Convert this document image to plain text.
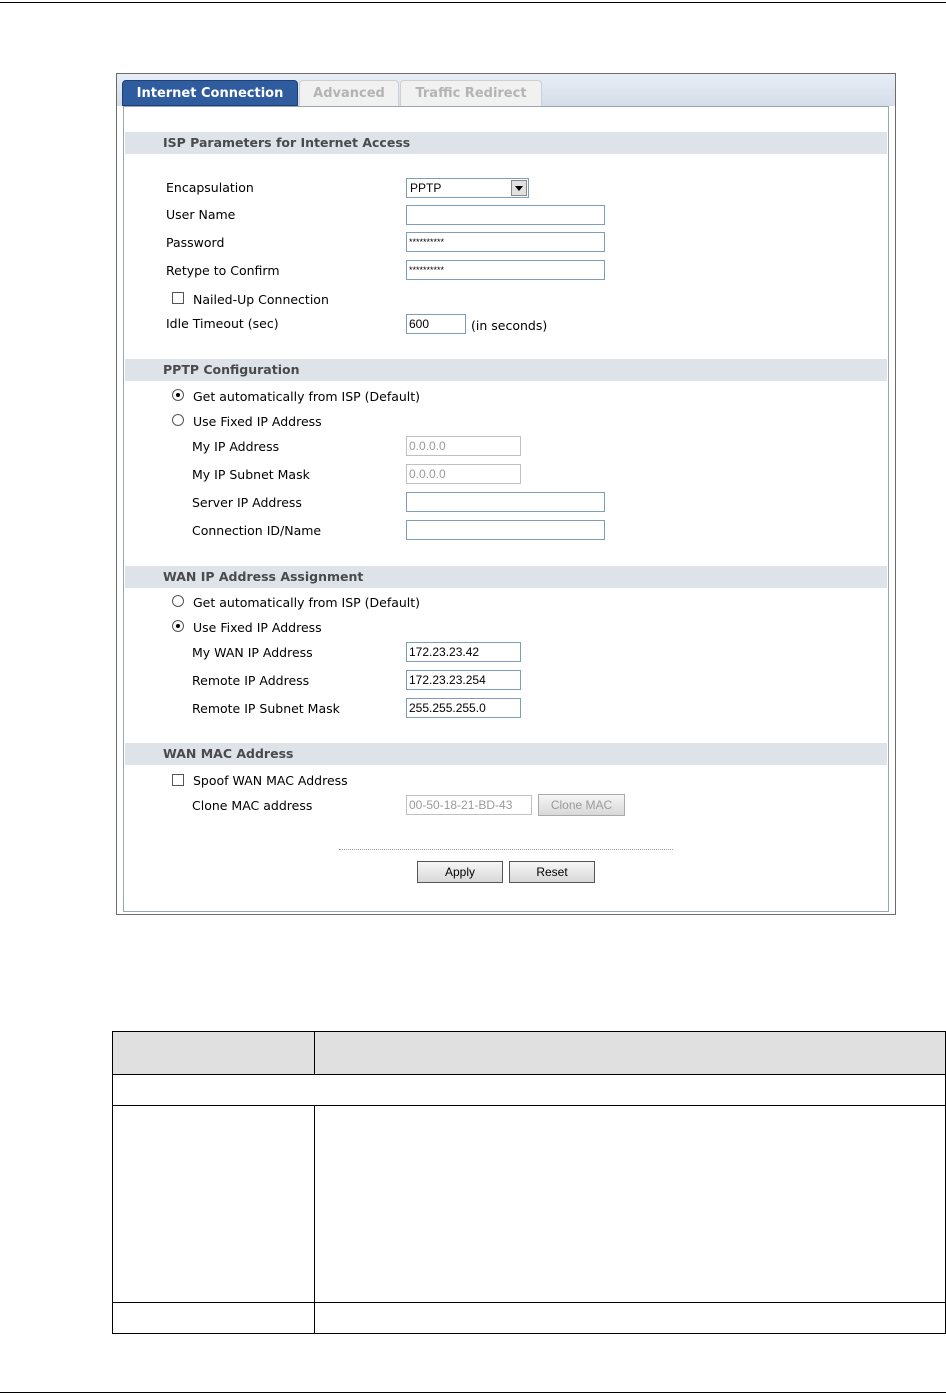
Internet Connection	Advanced	Traffic Redirect
ISP Parameters for Internet Access
Encapsulation	PPTP
User Name
Password	**********
Retype to Confirm	**********
Nailed-Up Connection
Idle Timeout (sec)	600	(in seconds)
PPTP Configuration
Get automatically from ISP (Default)
Use Fixed IP Address
My IP Address	0.0.0.0
My IP Subnet Mask	0.0.0.0
Server IP Address
Connection ID/Name
WAN IP Address Assignment
Get automatically from ISP (Default)
Use Fixed IP Address
My WAN IP Address	172.23.23.42
Remote IP Address	172.23.23.254
Remote IP Subnet Mask	255.255.255.0
WAN MAC Address
Spoof WAN MAC Address
Clone MAC address	00-50-18-21-BD-43	Clone MAC
Apply	Reset
